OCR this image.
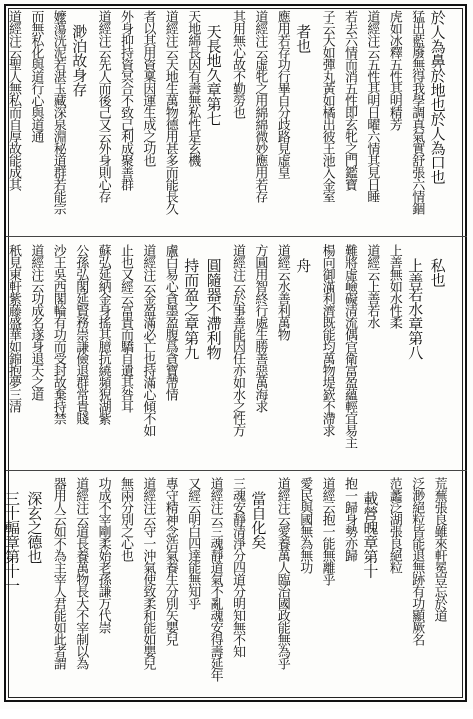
於人為鼻於地也於人為口也
猛出藍廢無得我學調真氣實舒張六情錮
虎如冰釋五性其明精芳
道經注云五性其明日曜六情其見日睡
若去六情而消五性即玄牝之門鑑寶
子云大如彈丸黃如橘出彼王池入金室
者也
應用若存功行畢自分歧路見虛皇
道經注云虛牝之用綿綿微妙應用若存
其用無心故不勤勞也
天長地久章第七
天地綿長因有壽無私性是玄機
道經注云天地生萬物德用甚多而能長久
者以其用資稟因運生成之功也
外身抑持資冥合不致己利成聚善群
道經注云先人而後己又云外身則心存
渺泊故身存
嬤蕩洸泥若湛玉藏深泉淵秘道群若能宗
而無私化與道行心與道通
道經注云聖人無私而自厚故能成其
私也
上善若水章第八
上善無如水性柔
道經云上善若水
難將虛嶮礙清流偶官衛富盈蘊輕宜易主
楊向御滿利濟既能均萬物堤嶔不滯求
舟
道經云水善利萬物
方圓用智終行處生勝善惡萬海求
道經注云於事善能因任亦如水之性方
圓隨器不滯利物
持而盈之章第九
盧白易心貪墨盈腹爲貪寶帶情
道經注云金盈滿必亡也持滿心傾不如
止也又經云富貴而驕自遺其咎耳
蘇弘延納金身搖其臆抗繞頻猊湖紫
公孫弘閣延賢務崇謙儉退群常貴賤
沙王吳西閣輪有功而受封故棄持禁
道經注云功成名遂身退天之道
秖見東軒紫藤盛華如錦抱夢三清
荒蕪張良雖來軒冕豈忘於道
泛渺絕粒皆能退無跡有功顯厥名
范蠡泛湖張良絕粒
載營魄章第十
抱一歸身勢亦歸
道經云抱一能無離乎
愛民與國無為無功
道經注云愛養萬人臨治國政能無為乎
當自化矣
三魂安靜清淨分四道分明知無不知
道經注云三魂靜道氣不亂魂安得壽延年
又經云明白四達能無知乎
專守精神念浩氣養生分別矢嬰兒
道經注云守一沖氣使致柔和能如嬰兒
無兩分別之心也
功成不宰剛柔始老孫謙万代崇
道經注云道長養萬物長大不宰制以為
器用人云如不為主宰人君能如此者謂
深玄之德也
三十輻章第十一
